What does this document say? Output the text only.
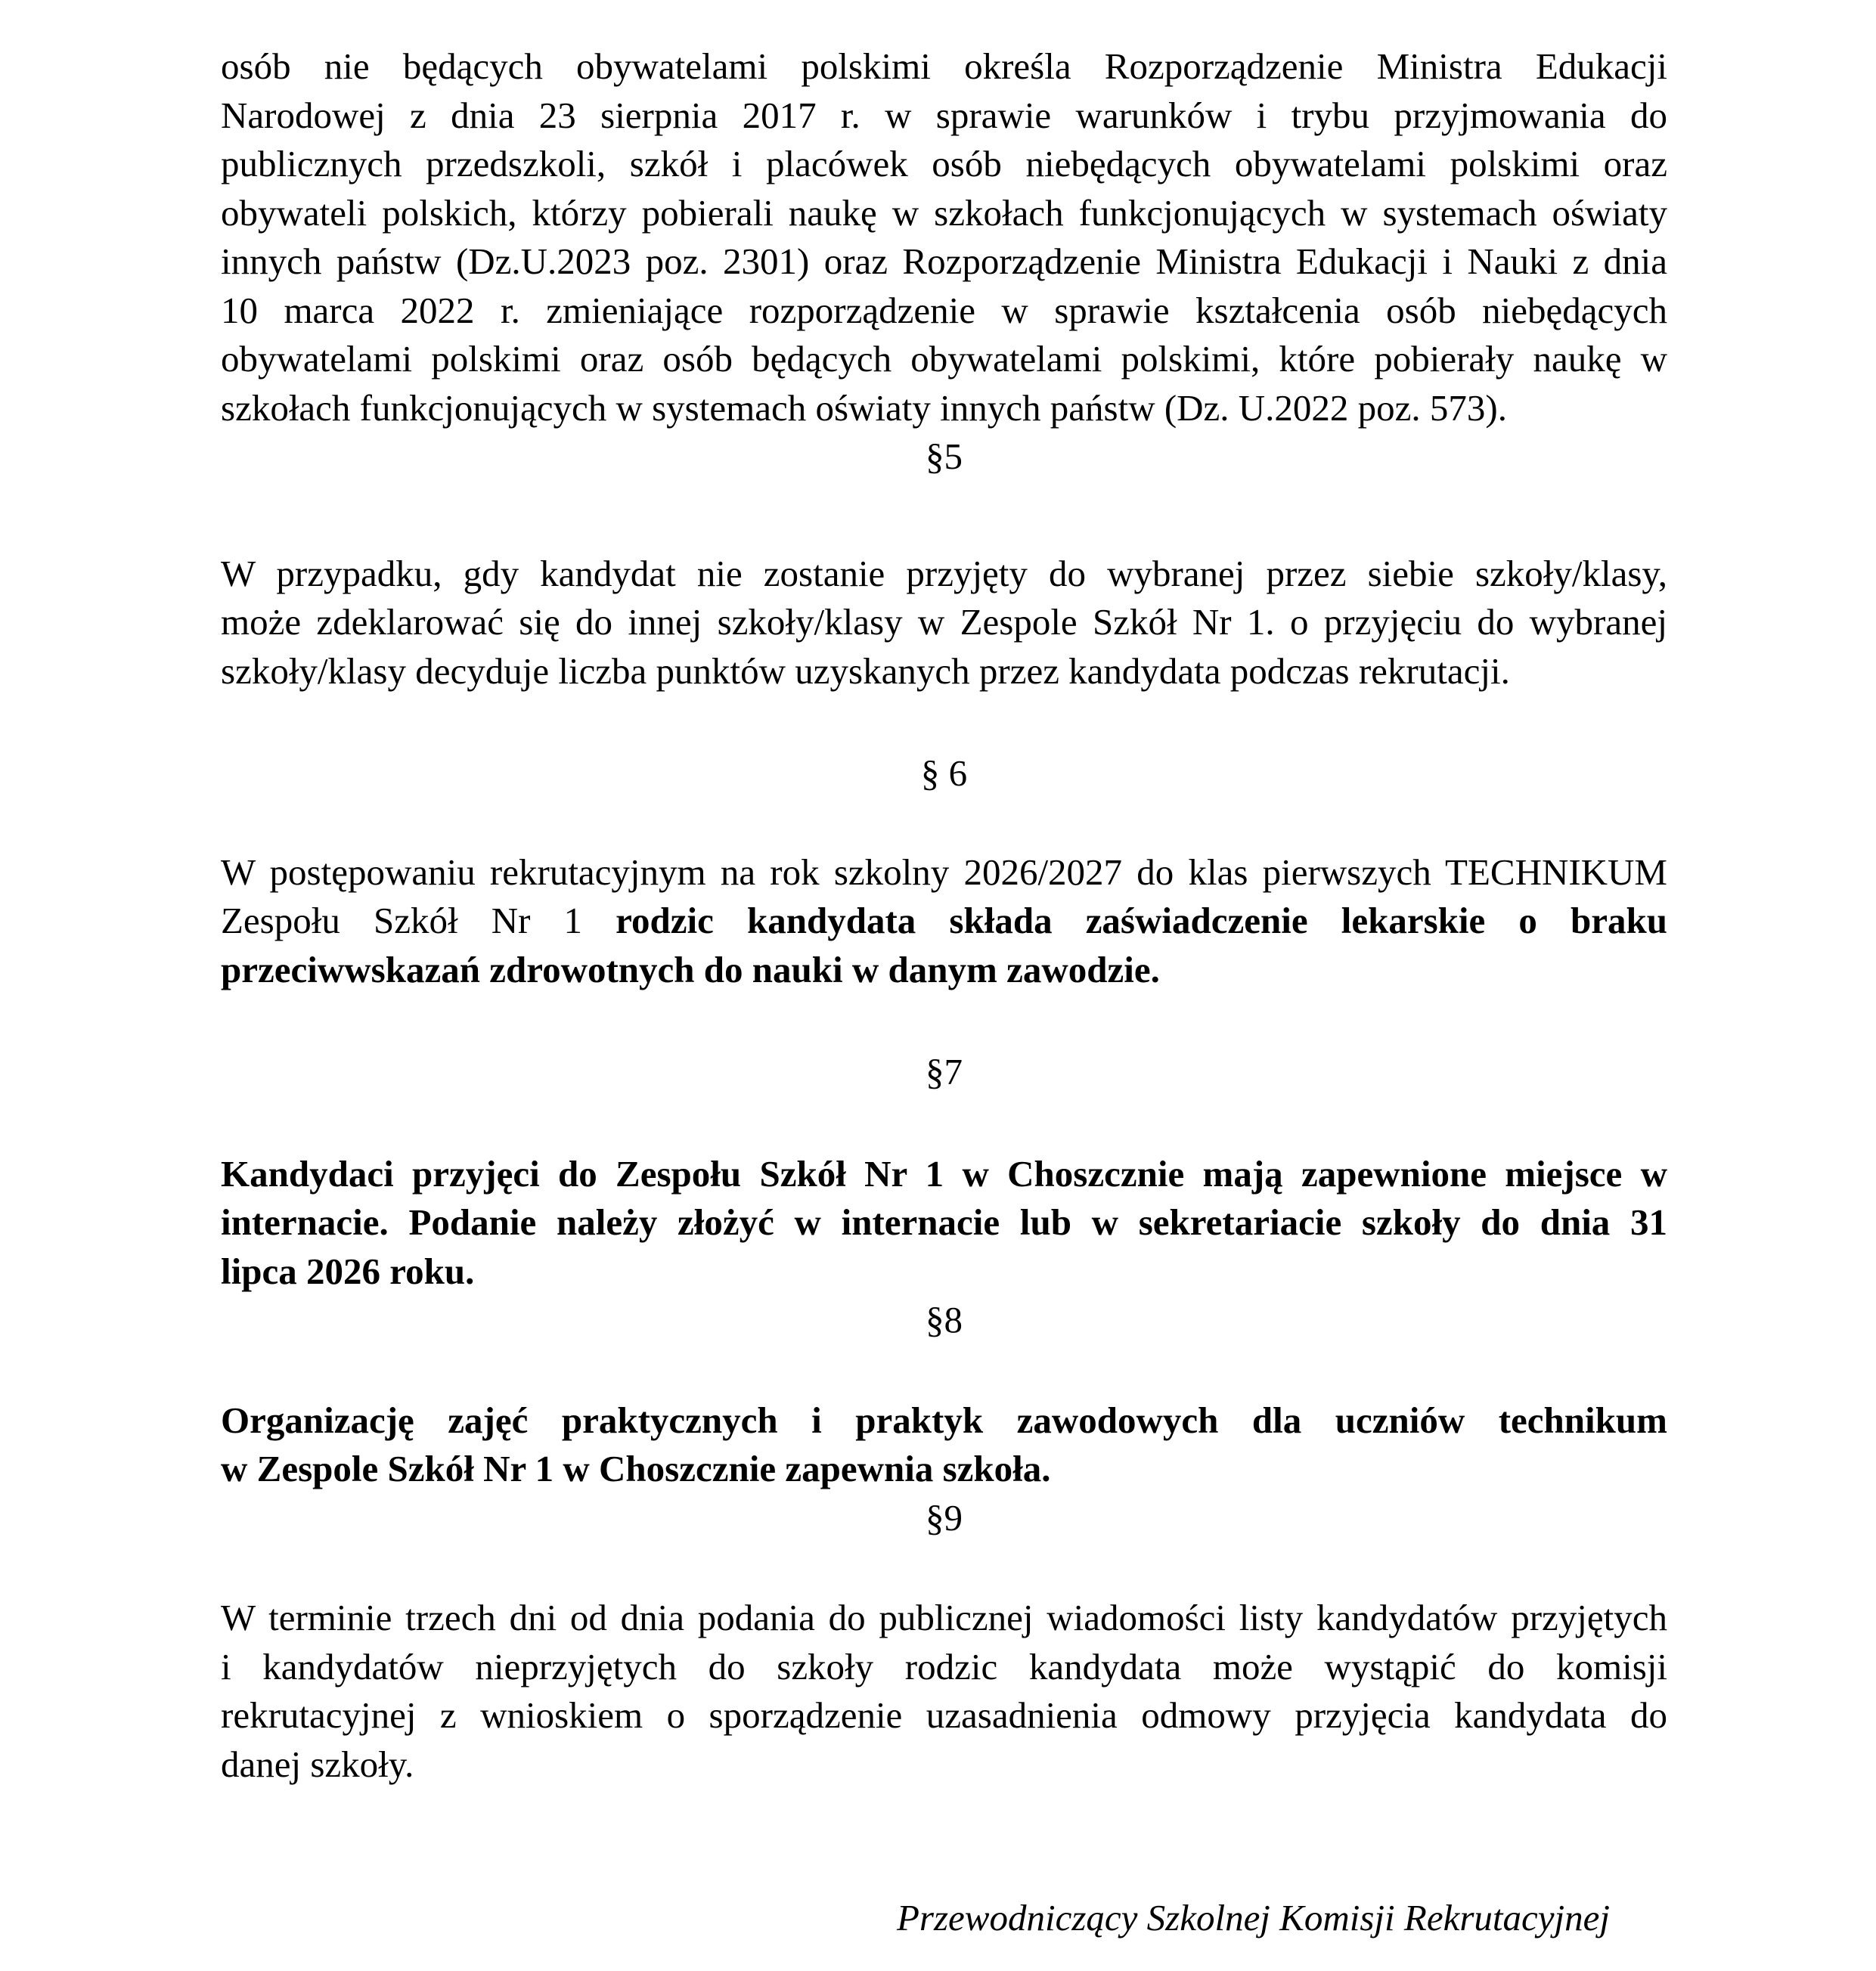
osób nie będących obywatelami polskimi określa Rozporządzenie Ministra Edukacji
Narodowej z dnia 23 sierpnia 2017 r. w sprawie warunków i trybu przyjmowania do
publicznych przedszkoli, szkół i placówek osób niebędących obywatelami polskimi oraz
obywateli polskich, którzy pobierali naukę w szkołach funkcjonujących w systemach oświaty
innych państw (Dz.U.2023 poz. 2301) oraz Rozporządzenie Ministra Edukacji i Nauki z dnia
10 marca 2022 r. zmieniające rozporządzenie w sprawie kształcenia osób niebędących
obywatelami polskimi oraz osób będących obywatelami polskimi, które pobierały naukę w
szkołach funkcjonujących w systemach oświaty innych państw (Dz. U.2022 poz. 573).
§5
W przypadku, gdy kandydat nie zostanie przyjęty do wybranej przez siebie szkoły/klasy,
może zdeklarować się do innej szkoły/klasy w Zespole Szkół Nr 1. o przyjęciu do wybranej
szkoły/klasy decyduje liczba punktów uzyskanych przez kandydata podczas rekrutacji.
§ 6
W postępowaniu rekrutacyjnym na rok szkolny 2026/2027 do klas pierwszych TECHNIKUM
Zespołu Szkół Nr 1 rodzic kandydata składa zaświadczenie lekarskie o braku
przeciwwskazań zdrowotnych do nauki w danym zawodzie.
§7
Kandydaci przyjęci do Zespołu Szkół Nr 1 w Choszcznie mają zapewnione miejsce w
internacie. Podanie należy złożyć w internacie lub w sekretariacie szkoły do dnia 31
lipca 2026 roku.
§8
Organizację zajęć praktycznych i praktyk zawodowych dla uczniów technikum
w Zespole Szkół Nr 1 w Choszcznie zapewnia szkoła.
§9
W terminie trzech dni od dnia podania do publicznej wiadomości listy kandydatów przyjętych
i kandydatów nieprzyjętych do szkoły rodzic kandydata może wystąpić do komisji
rekrutacyjnej z wnioskiem o sporządzenie uzasadnienia odmowy przyjęcia kandydata do
danej szkoły.
Przewodniczący Szkolnej Komisji Rekrutacyjnej
